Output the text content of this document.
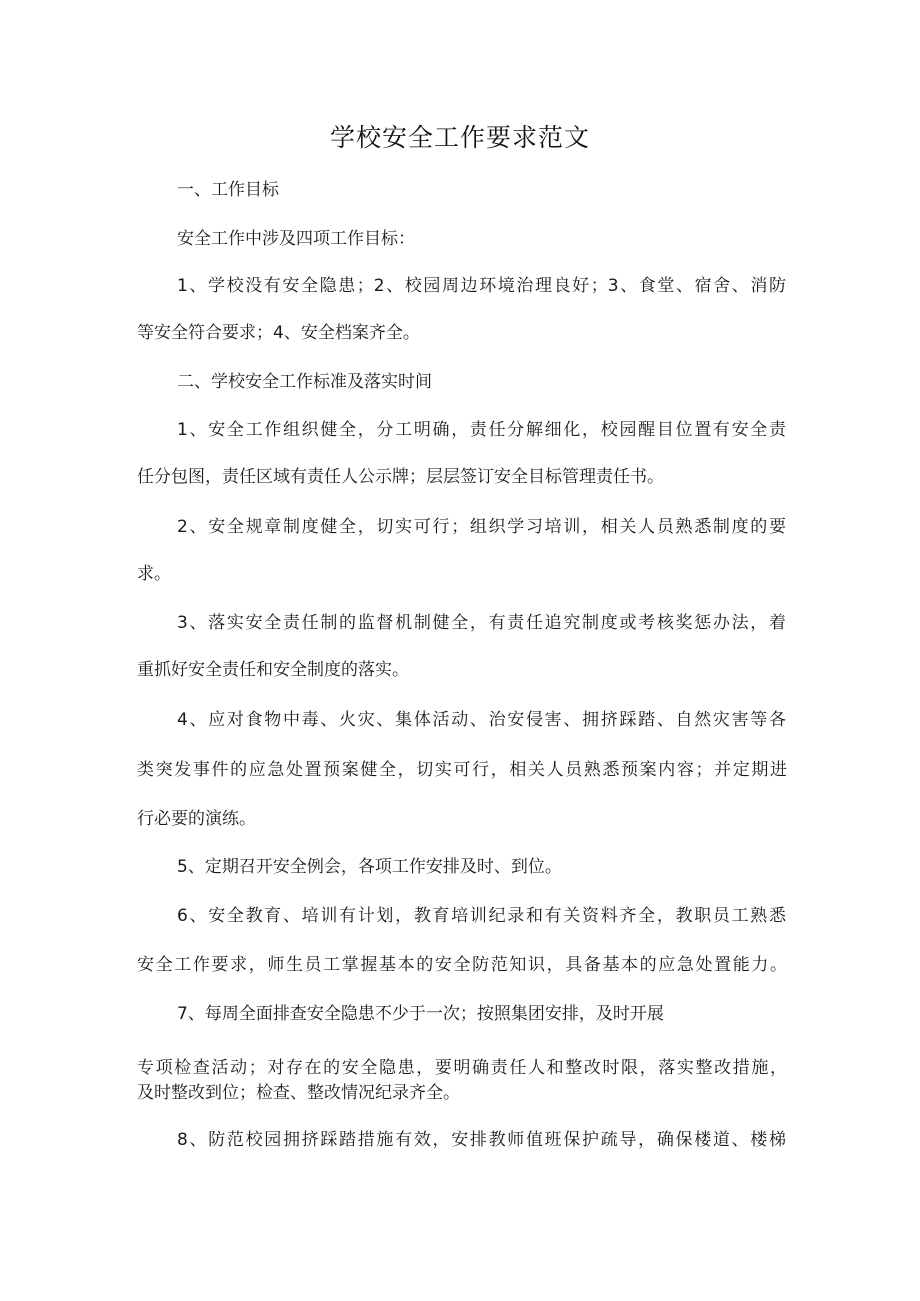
学校安全工作要求范文
一、工作目标
安全工作中涉及四项工作目标：
1、学校没有安全隐患；2、校园周边环境治理良好；3、食堂、宿舍、消防
等安全符合要求；4、安全档案齐全。
二、学校安全工作标准及落实时间
1、安全工作组织健全，分工明确，责任分解细化，校园醒目位置有安全责
任分包图，责任区域有责任人公示牌；层层签订安全目标管理责任书。
2、安全规章制度健全，切实可行；组织学习培训，相关人员熟悉制度的要
求。
3、落实安全责任制的监督机制健全，有责任追究制度或考核奖惩办法，着
重抓好安全责任和安全制度的落实。
4、应对食物中毒、火灾、集体活动、治安侵害、拥挤踩踏、自然灾害等各
类突发事件的应急处置预案健全，切实可行，相关人员熟悉预案内容；并定期进
行必要的演练。
5、定期召开安全例会，各项工作安排及时、到位。
6、安全教育、培训有计划，教育培训纪录和有关资料齐全，教职员工熟悉
安全工作要求，师生员工掌握基本的安全防范知识，具备基本的应急处置能力。
7、每周全面排查安全隐患不少于一次；按照集团安排，及时开展
专项检查活动；对存在的安全隐患，要明确责任人和整改时限，落实整改措施，
及时整改到位；检查、整改情况纪录齐全。
8、防范校园拥挤踩踏措施有效，安排教师值班保护疏导，确保楼道、楼梯
